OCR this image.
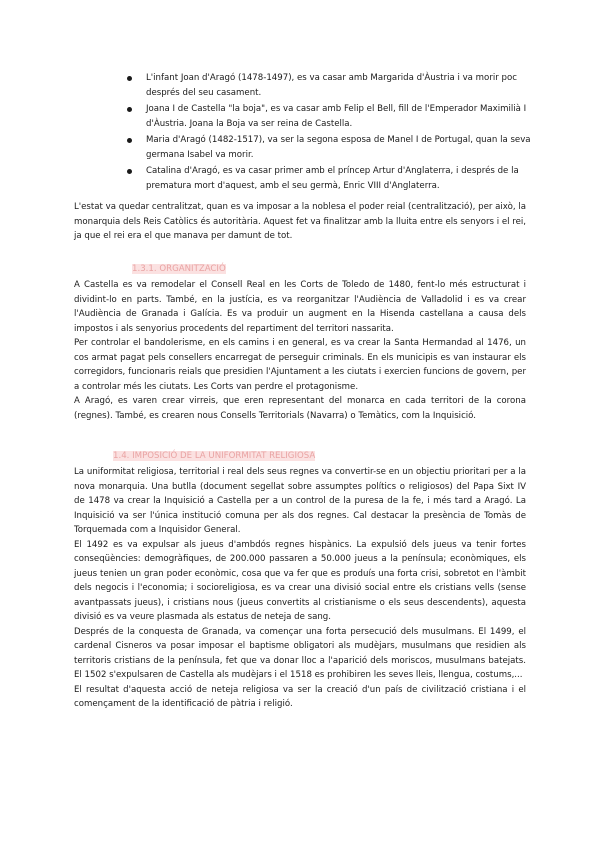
L'infant Joan d'Aragó (1478-1497), es va casar amb Margarida d'Àustria i va morir poc després del seu casament.
Joana I de Castella "la boja", es va casar amb Felip el Bell, fill de l'Emperador Maximilià I d'Àustria. Joana la Boja va ser reina de Castella.
Maria d'Aragó (1482-1517), va ser la segona esposa de Manel I de Portugal, quan la seva germana Isabel va morir.
Catalina d'Aragó, es va casar primer amb el príncep Artur d'Anglaterra, i després de la prematura mort d'aquest, amb el seu germà, Enric VIII d'Anglaterra.

L'estat va quedar centralitzat, quan es va imposar a la noblesa el poder reial (centralització), per això, la monarquia dels Reis Catòlics és autoritària. Aquest fet va finalitzar amb la lluita entre els senyors i el rei, ja que el rei era el que manava per damunt de tot.

1.3.1. ORGANITZACIÓ

A Castella es va remodelar el Consell Real en les Corts de Toledo de 1480, fent-lo més estructurat i dividint-lo en parts. També, en la justícia, es va reorganitzar l'Audiència de Valladolid i es va crear l'Audiència de Granada i Galícia. Es va produir un augment en la Hisenda castellana a causa dels impostos i als senyorius procedents del repartiment del territori nassarita.

Per controlar el bandolerisme, en els camins i en general, es va crear la Santa Hermandad al 1476, un cos armat pagat pels consellers encarregat de perseguir criminals. En els municipis es van instaurar els corregidors, funcionaris reials que presidien l'Ajuntament a les ciutats i exercien funcions de govern, per a controlar més les ciutats. Les Corts van perdre el protagonisme.

A Aragó, es varen crear virreis, que eren representant del monarca en cada territori de la corona (regnes). També, es crearen nous Consells Territorials (Navarra) o Temàtics, com la Inquisició.

1.4. IMPOSICIÓ DE LA UNIFORMITAT RELIGIOSA

La uniformitat religiosa, territorial i real dels seus regnes va convertir-se en un objectiu prioritari per a la nova monarquia. Una butlla (document segellat sobre assumptes polítics o religiosos) del Papa Sixt IV de 1478 va crear la Inquisició a Castella per a un control de la puresa de la fe, i més tard a Aragó. La Inquisició va ser l'única institució comuna per als dos regnes. Cal destacar la presència de Tomàs de Torquemada com a Inquisidor General.

El 1492 es va expulsar als jueus d'ambdós regnes hispànics. La expulsió dels jueus va tenir fortes conseqüències: demogràfiques, de 200.000 passaren a 50.000 jueus a la península; econòmiques, els jueus tenien un gran poder econòmic, cosa que va fer que es produís una forta crisi, sobretot en l'àmbit dels negocis i l'economia; i socioreligiosa, es va crear una divisió social entre els cristians vells (sense avantpassats jueus), i cristians nous (jueus convertits al cristianisme o els seus descendents), aquesta divisió es va veure plasmada als estatus de neteja de sang.

Després de la conquesta de Granada, va començar una forta persecució dels musulmans. El 1499, el cardenal Cisneros va posar imposar el baptisme obligatori als mudèjars, musulmans que residien als territoris cristians de la península, fet que va donar lloc a l'aparició dels moriscos, musulmans batejats. El 1502 s'expulsaren de Castella als mudèjars i el 1518 es prohibiren les seves lleis, llengua, costums,...

El resultat d'aquesta acció de neteja religiosa va ser la creació d'un país de civilització cristiana i el començament de la identificació de pàtria i religió.
